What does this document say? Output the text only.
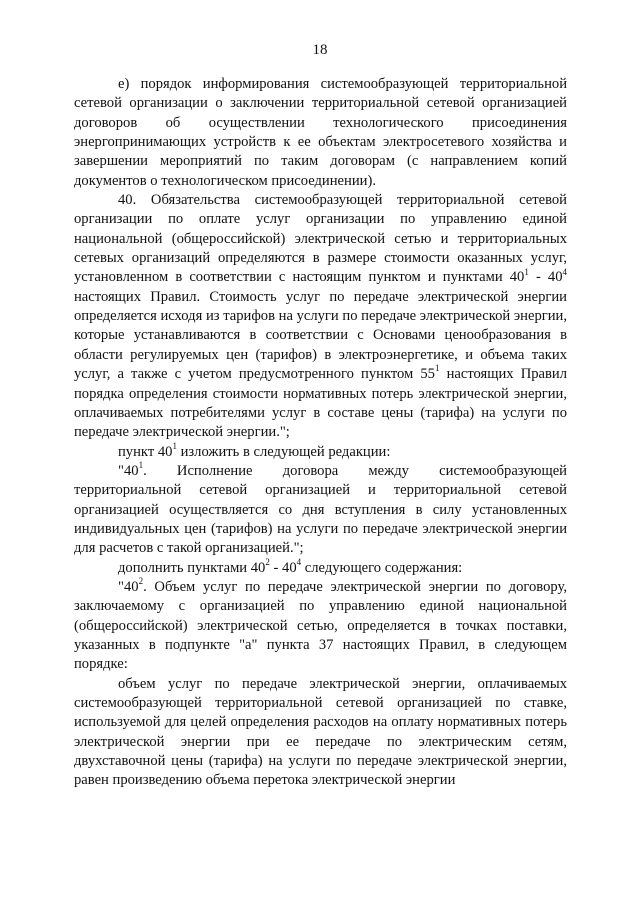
18

е) порядок информирования системообразующей территориальной сетевой организации о заключении территориальной сетевой организацией договоров об осуществлении технологического присоединения энергопринимающих устройств к ее объектам электросетевого хозяйства и завершении мероприятий по таким договорам (с направлением копий документов о технологическом присоединении).

40. Обязательства системообразующей территориальной сетевой организации по оплате услуг организации по управлению единой национальной (общероссийской) электрической сетью и территориальных сетевых организаций определяются в размере стоимости оказанных услуг, установленном в соответствии с настоящим пунктом и пунктами $40^1 - 40^4$ настоящих Правил. Стоимость услуг по передаче электрической энергии определяется исходя из тарифов на услуги по передаче электрической энергии, которые устанавливаются в соответствии с Основами ценообразования в области регулируемых цен (тарифов) в электроэнергетике, и объема таких услуг, а также с учетом предусмотренного пунктом $55^1$ настоящих Правил порядка определения стоимости нормативных потерь электрической энергии, оплачиваемых потребителями услуг в составе цены (тарифа) на услуги по передаче электрической энергии.";

пункт $40^1$ изложить в следующей редакции:

"$40^1$. Исполнение договора между системообразующей территориальной сетевой организацией и территориальной сетевой организацией осуществляется со дня вступления в силу установленных индивидуальных цен (тарифов) на услуги по передаче электрической энергии для расчетов с такой организацией.";

дополнить пунктами $40^2 - 40^4$ следующего содержания:

"$40^2$. Объем услуг по передаче электрической энергии по договору, заключаемому с организацией по управлению единой национальной (общероссийской) электрической сетью, определяется в точках поставки, указанных в подпункте "а" пункта 37 настоящих Правил, в следующем порядке:

объем услуг по передаче электрической энергии, оплачиваемых системообразующей территориальной сетевой организацией по ставке, используемой для целей определения расходов на оплату нормативных потерь электрической энергии при ее передаче по электрическим сетям, двухставочной цены (тарифа) на услуги по передаче электрической энергии, равен произведению объема перетока электрической энергии
